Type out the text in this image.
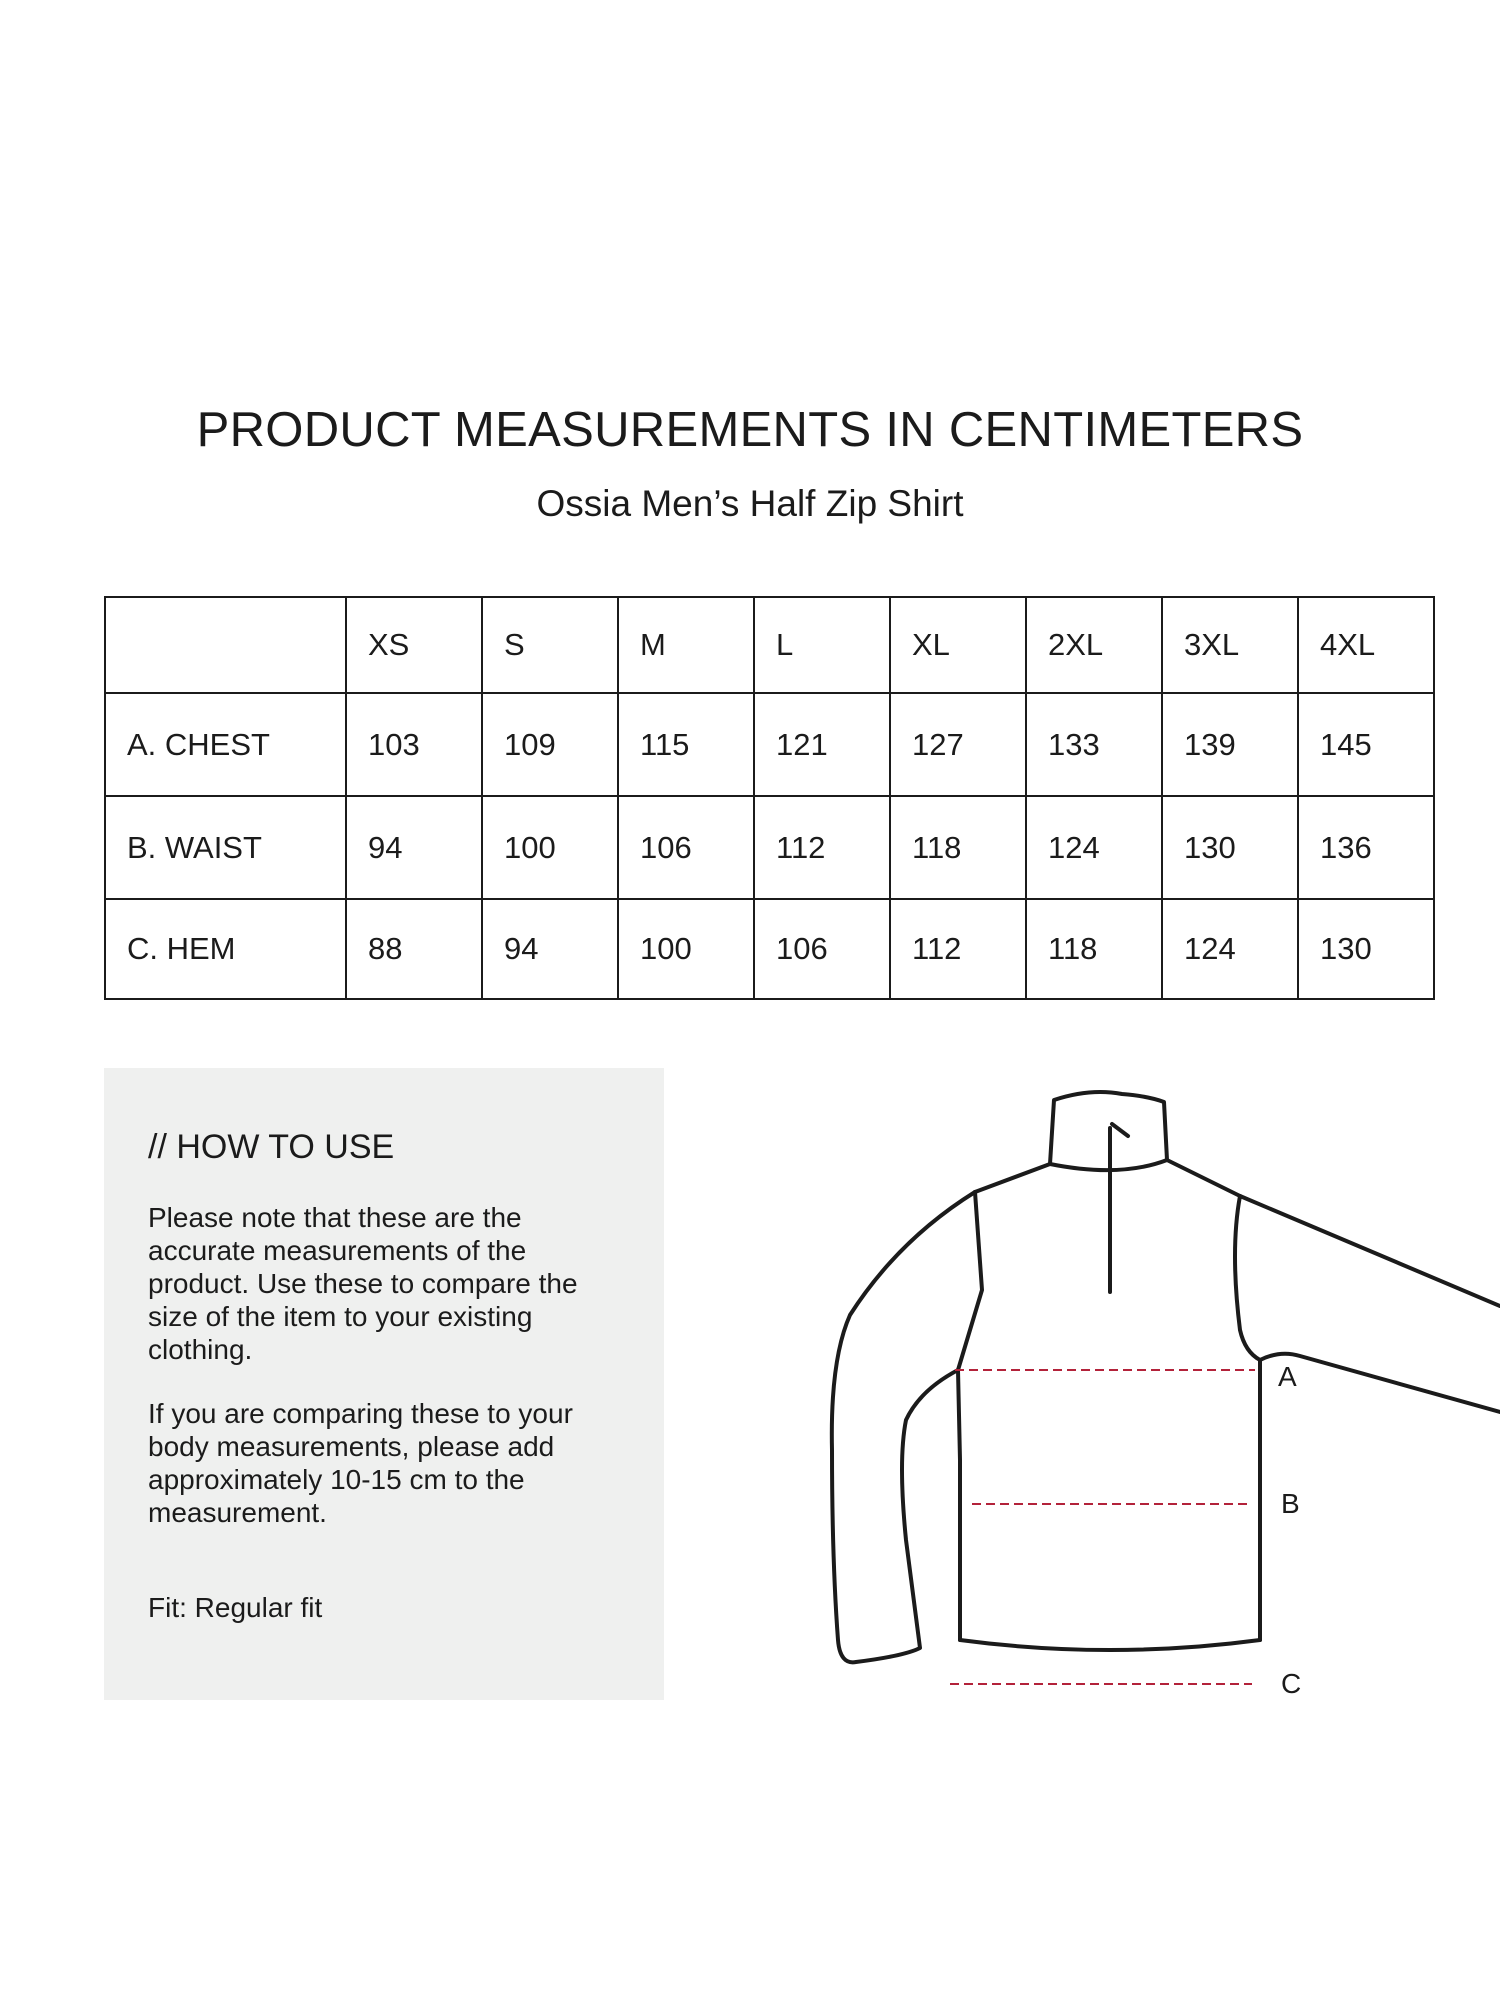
PRODUCT MEASUREMENTS IN CENTIMETERS
Ossia Men’s Half Zip Shirt
	XS	S	M	L	XL	2XL	3XL	4XL
A. CHEST	103	109	115	121	127	133	139	145
B. WAIST	94	100	106	112	118	124	130	136
C. HEM	88	94	100	106	112	118	124	130

// HOW TO USE

Please note that these are the accurate measurements of the product. Use these to compare the size of the item to your existing clothing.

If you are comparing these to your body measurements, please add approximately 10-15 cm to the measurement.

Fit: Regular fit

A
B
C
